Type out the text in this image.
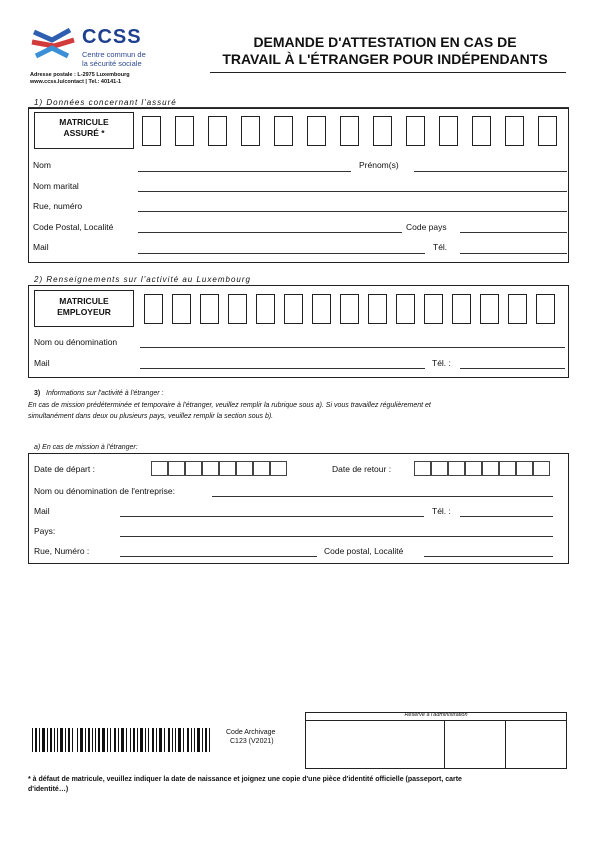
CCSS
Centre commun de
la sécurité sociale
Adresse postale : L-2975 Luxembourg
www.ccss.lu/contact | Tel.: 40141-1
DEMANDE D'ATTESTATION EN CAS DE
TRAVAIL À L'ÉTRANGER POUR INDÉPENDANTS
1) Données concernant l'assuré
MATRICULE
ASSURÉ *
Nom	Prénom(s)
Nom marital
Rue, numéro
Code Postal, Localité	Code pays
Mail	Tél.
2) Renseignements sur l'activité au Luxembourg
MATRICULE
EMPLOYEUR
Nom ou dénomination
Mail	Tél. :
3) Informations sur l'activité à l'étranger :
En cas de mission prédéterminée et temporaire à l'étranger, veuillez remplir la rubrique sous a). Si vous travaillez régulièrement et
simultanément dans deux ou plusieurs pays, veuillez remplir la section sous b).
a) En cas de mission à l'étranger:
Date de départ :	Date de retour :
Nom ou dénomination de l'entreprise:
Mail	Tél. :
Pays:
Rue, Numéro :	Code postal, Localité
Code Archivage
C123 (V2021)
Réservé à l'administration
* à défaut de matricule, veuillez indiquer la date de naissance et joignez une copie d'une pièce d'identité officielle (passeport, carte
d'identité…)
